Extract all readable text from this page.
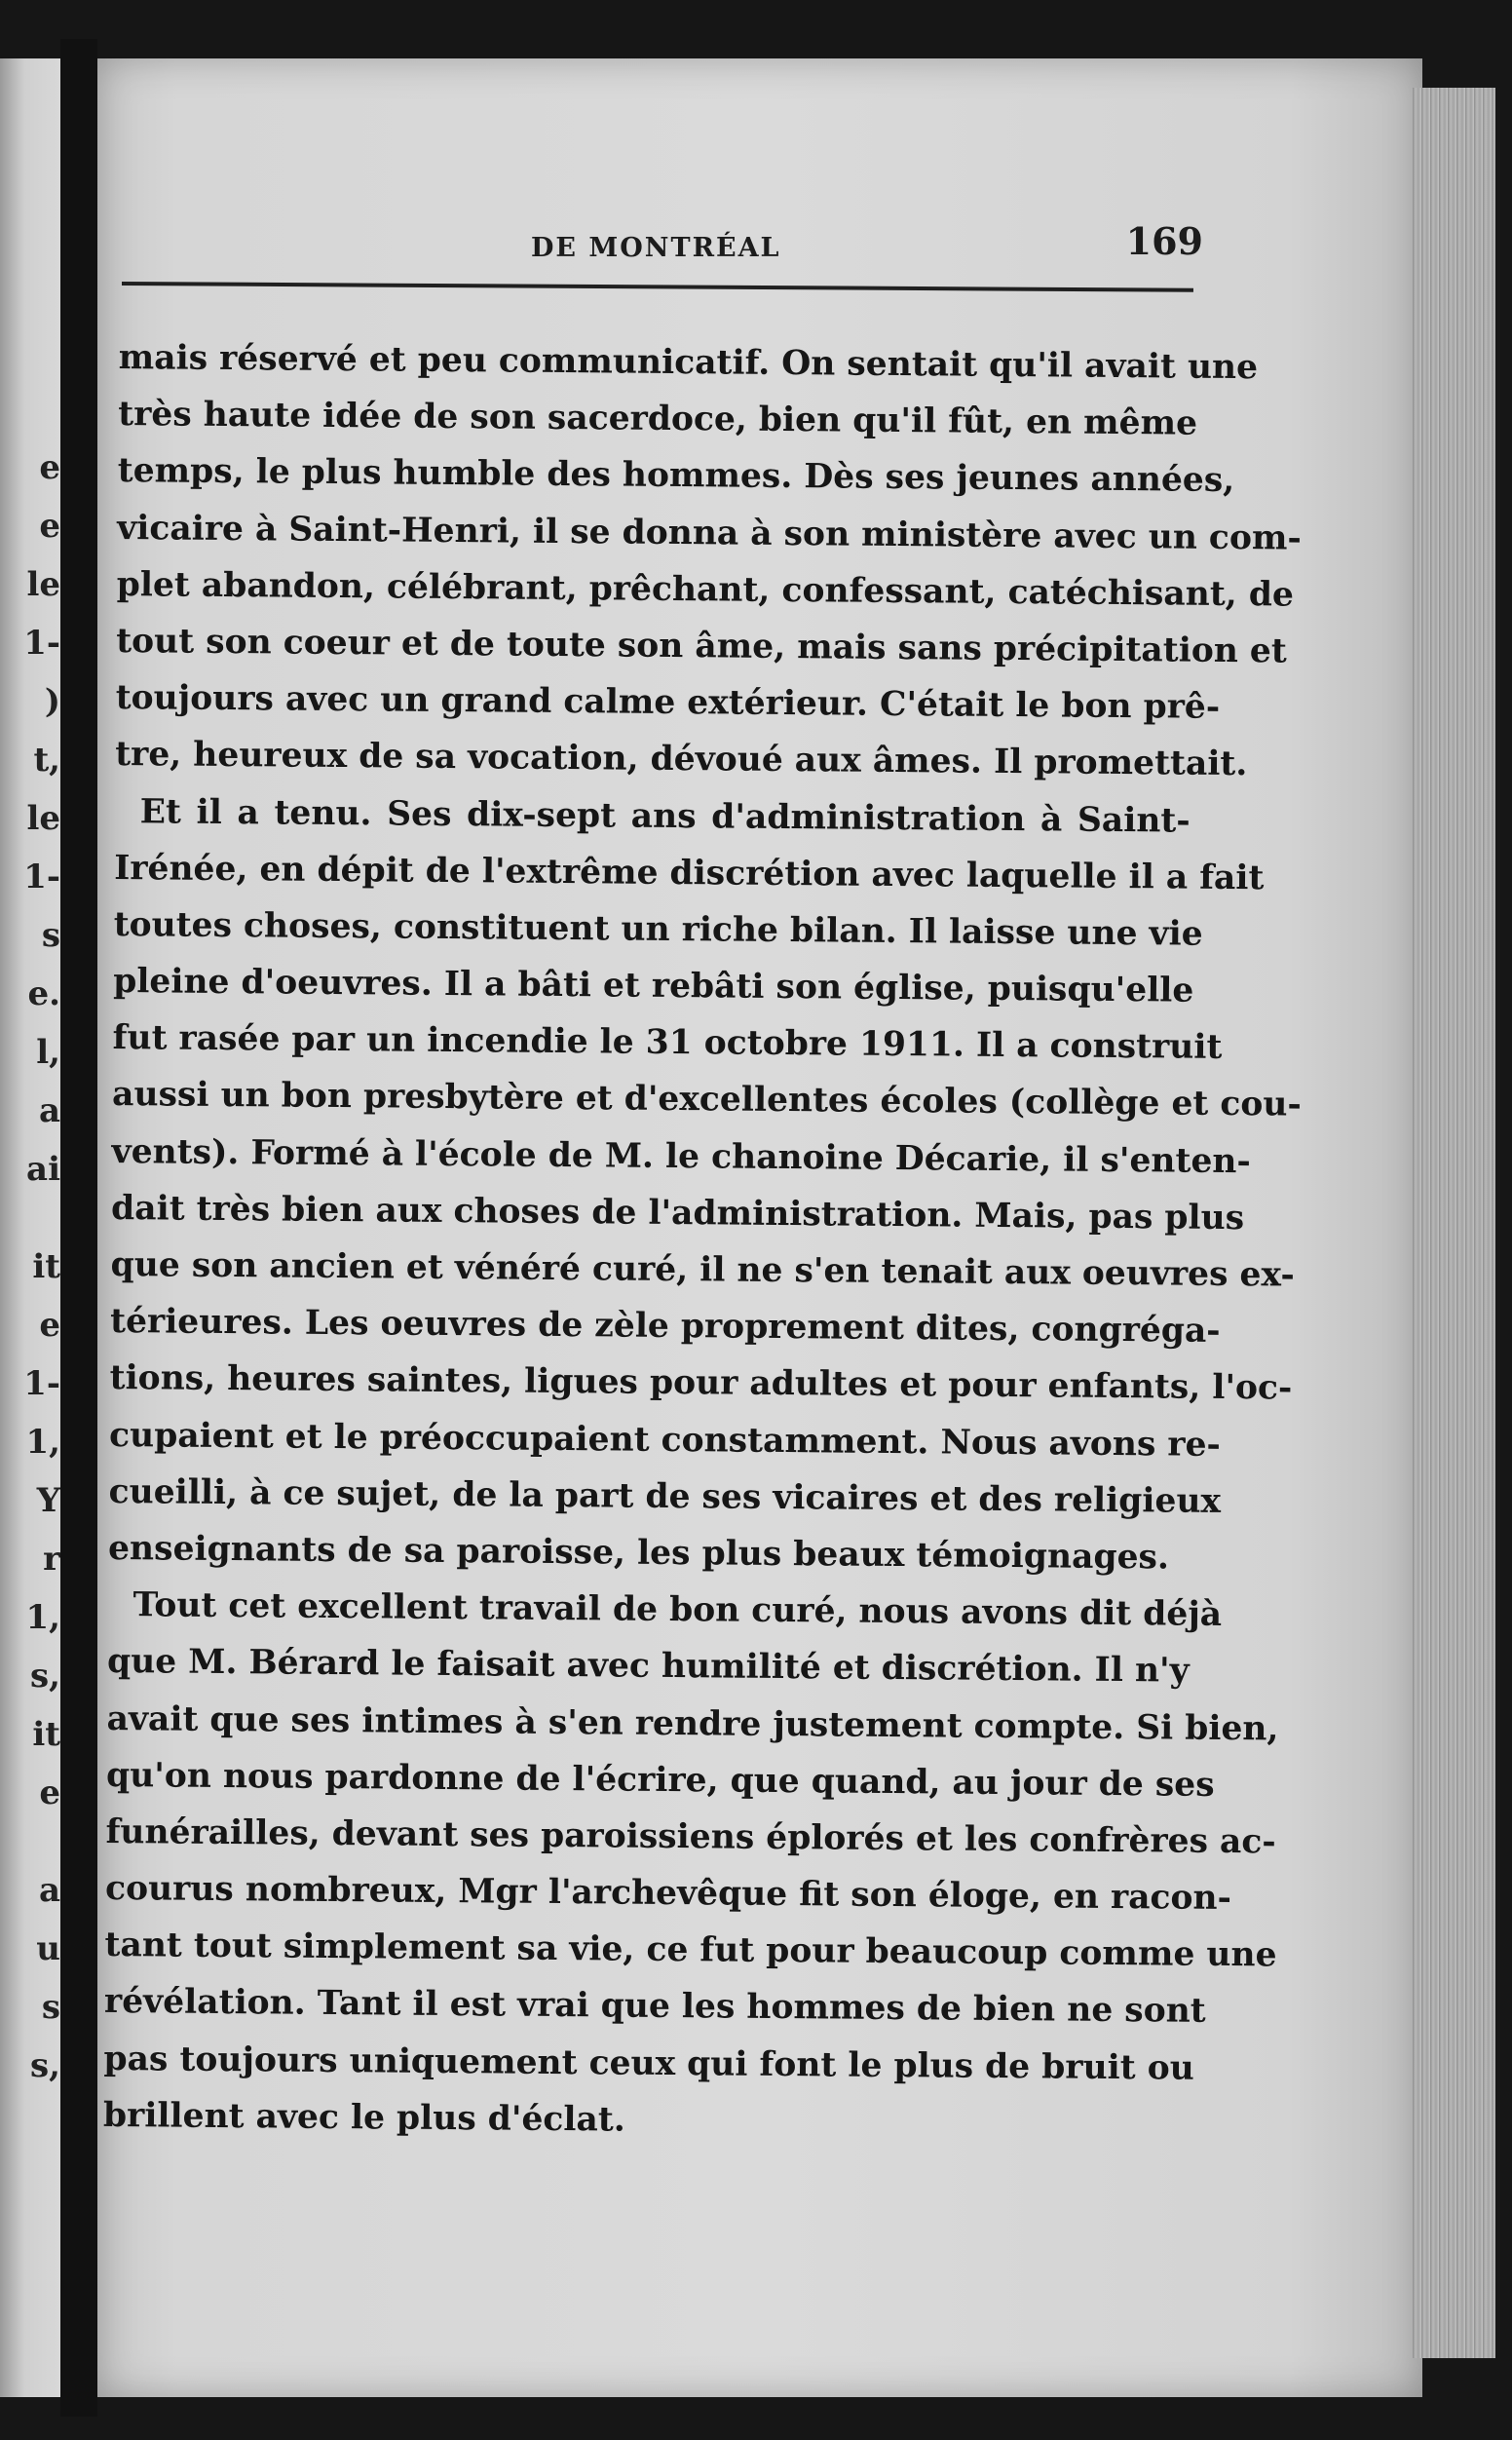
e
e
le
1-
)
t,
le
1-
s
e.
l,
a
ai
it
e
1-
1,
Y
r
1,
s,
it
e
a
u
s
s,
DE MONTRÉAL	169
mais réservé et peu communicatif. On sentait qu'il avait une
très haute idée de son sacerdoce, bien qu'il fût, en même
temps, le plus humble des hommes. Dès ses jeunes années,
vicaire à Saint-Henri, il se donna à son ministère avec un com-
plet abandon, célébrant, prêchant, confessant, catéchisant, de
tout son coeur et de toute son âme, mais sans précipitation et
toujours avec un grand calme extérieur. C'était le bon prê-
tre, heureux de sa vocation, dévoué aux âmes. Il promettait.
Et il a tenu. Ses dix-sept ans d'administration à Saint-
Irénée, en dépit de l'extrême discrétion avec laquelle il a fait
toutes choses, constituent un riche bilan. Il laisse une vie
pleine d'oeuvres. Il a bâti et rebâti son église, puisqu'elle
fut rasée par un incendie le 31 octobre 1911. Il a construit
aussi un bon presbytère et d'excellentes écoles (collège et cou-
vents). Formé à l'école de M. le chanoine Décarie, il s'enten-
dait très bien aux choses de l'administration. Mais, pas plus
que son ancien et vénéré curé, il ne s'en tenait aux oeuvres ex-
térieures. Les oeuvres de zèle proprement dites, congréga-
tions, heures saintes, ligues pour adultes et pour enfants, l'oc-
cupaient et le préoccupaient constamment. Nous avons re-
cueilli, à ce sujet, de la part de ses vicaires et des religieux
enseignants de sa paroisse, les plus beaux témoignages.
Tout cet excellent travail de bon curé, nous avons dit déjà
que M. Bérard le faisait avec humilité et discrétion. Il n'y
avait que ses intimes à s'en rendre justement compte. Si bien,
qu'on nous pardonne de l'écrire, que quand, au jour de ses
funérailles, devant ses paroissiens éplorés et les confrères ac-
courus nombreux, Mgr l'archevêque fit son éloge, en racon-
tant tout simplement sa vie, ce fut pour beaucoup comme une
révélation. Tant il est vrai que les hommes de bien ne sont
pas toujours uniquement ceux qui font le plus de bruit ou
brillent avec le plus d'éclat.
